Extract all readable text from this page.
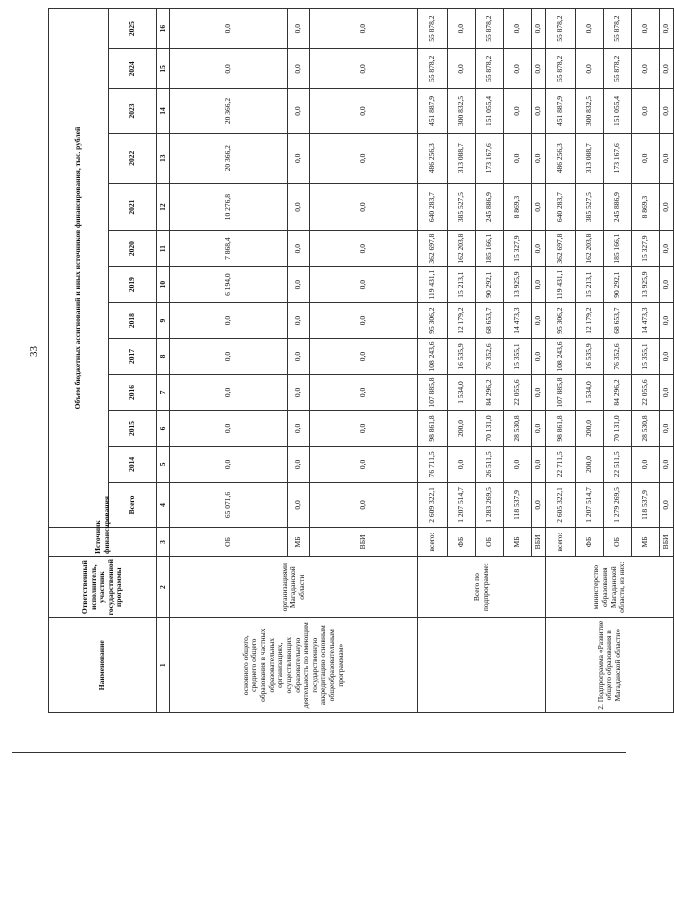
33
Наименование	Ответственный исполнитель, участник государственной программы	Источник финансирования	Объем бюджетных ассигнований и иных источников финансирования, тыс. рублей												
			Всего	2014	2015	2016	2017	2018	2019	2020	2021	2022	2023	2024	2025
1	2	3	4	5	6	7	8	9	10	11	12	13	14	15	16
основного общего, среднего общего образования в частных образовательных организациях, осуществляющих образовательную деятельность по имеющим государственную аккредитацию основным общеобразовательным программам»	организациями Магаданской области	ОБ	65 071,6	0,0	0,0	0,0	0,0	0,0	6 194,0	7 868,4	10 276,8	20 366,2	20 366,2	0,0	0,0
		МБ	0,0	0,0	0,0	0,0	0,0	0,0	0,0	0,0	0,0	0,0	0,0	0,0	0,0
		ВБИ	0,0	0,0	0,0	0,0	0,0	0,0	0,0	0,0	0,0	0,0	0,0	0,0	0,0
	Всего по подпрограмме:	всего:	2 609 322,1	76 711,5	98 861,8	107 885,8	108 243,6	95 306,2	119 431,1	362 697,8	640 283,7	486 256,3	451 887,9	55 878,2	55 878,2
		ФБ	1 207 514,7	0,0	200,0	1 534,0	16 535,9	12 179,2	15 213,1	162 203,8	385 527,5	313 088,7	300 832,5	0,0	0,0
		ОБ	1 283 269,5	26 511,5	70 131,0	84 296,2	76 352,6	68 653,7	90 292,1	185 166,1	245 886,9	173 167,6	151 055,4	55 878,2	55 878,2
		МБ	118 537,9	0,0	28 530,8	22 055,6	15 355,1	14 473,3	13 925,9	15 327,9	8 869,3	0,0	0,0	0,0	0,0
		ВБИ	0,0	0,0	0,0	0,0	0,0	0,0	0,0	0,0	0,0	0,0	0,0	0,0	0,0
2. Подпрограмма «Развитие общего образования в Магаданской области»	министерство образования Магаданской области, из них:	всего:	2 605 322,1	22 711,5	98 861,8	107 885,8	108 243,6	95 306,2	119 431,1	362 697,8	640 283,7	486 256,3	451 887,9	55 878,2	55 878,2
		ФБ	1 207 514,7	200,0	200,0	1 534,0	16 535,9	12 179,2	15 213,1	162 203,8	385 527,5	313 088,7	300 832,5	0,0	0,0
		ОБ	1 279 269,5	22 511,5	70 131,0	84 296,2	76 352,6	68 653,7	90 292,1	185 166,1	245 886,9	173 167,6	151 055,4	55 878,2	55 878,2
		МБ	118 537,9	0,0	28 530,8	22 055,6	15 355,1	14 473,3	13 925,9	15 327,9	8 869,3	0,0	0,0	0,0	0,0
		ВБИ	0,0	0,0	0,0	0,0	0,0	0,0	0,0	0,0	0,0	0,0	0,0	0,0	0,0
